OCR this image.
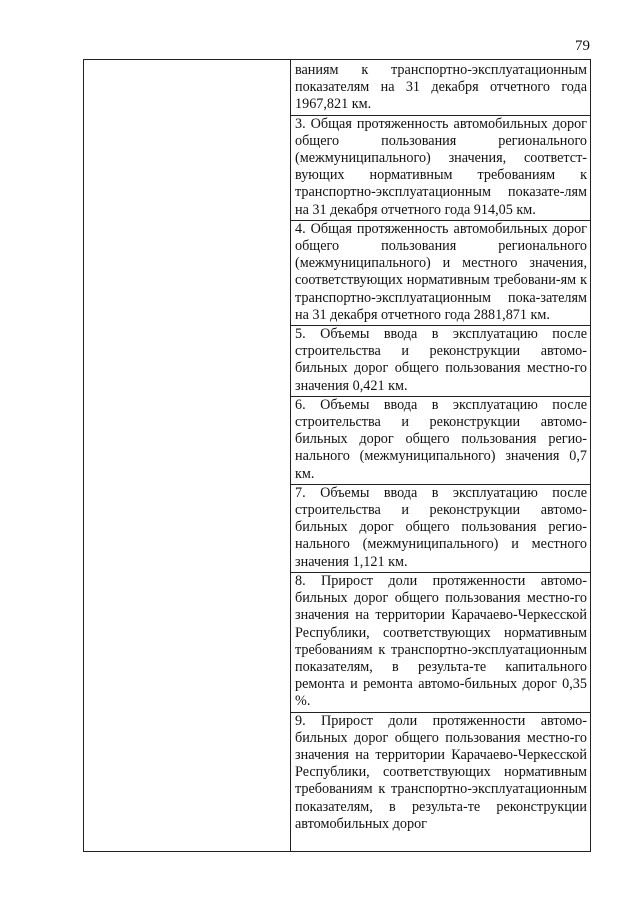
79
ваниям к транспортно-эксплуатационным показателям на 31 декабря отчетного года 1967,821 км.
3. Общая протяженность автомобильных дорог общего пользования регионального (межмуниципального) значения, соответст-вующих нормативным требованиям к транспортно-эксплуатационным показате-лям на 31 декабря отчетного года 914,05 км.
4. Общая протяженность автомобильных дорог общего пользования регионального (межмуниципального) и местного значения, соответствующих нормативным требовани-ям к транспортно-эксплуатационным пока-зателям на 31 декабря отчетного года 2881,871 км.
5. Объемы ввода в эксплуатацию после строительства и реконструкции автомо-бильных дорог общего пользования местно-го значения 0,421 км.
6. Объемы ввода в эксплуатацию после строительства и реконструкции автомо-бильных дорог общего пользования регио-нального (межмуниципального) значения 0,7 км.
7. Объемы ввода в эксплуатацию после строительства и реконструкции автомо-бильных дорог общего пользования регио-нального (межмуниципального) и местного значения 1,121 км.
8. Прирост доли протяженности автомо-бильных дорог общего пользования местно-го значения на территории Карачаево-Черкесской Республики, соответствующих нормативным требованиям к транспортно-эксплуатационным показателям, в результа-те капитального ремонта и ремонта автомо-бильных дорог 0,35 %.
9. Прирост доли протяженности автомо-бильных дорог общего пользования местно-го значения на территории Карачаево-Черкесской Республики, соответствующих нормативным требованиям к транспортно-эксплуатационным показателям, в результа-те реконструкции автомобильных дорог
